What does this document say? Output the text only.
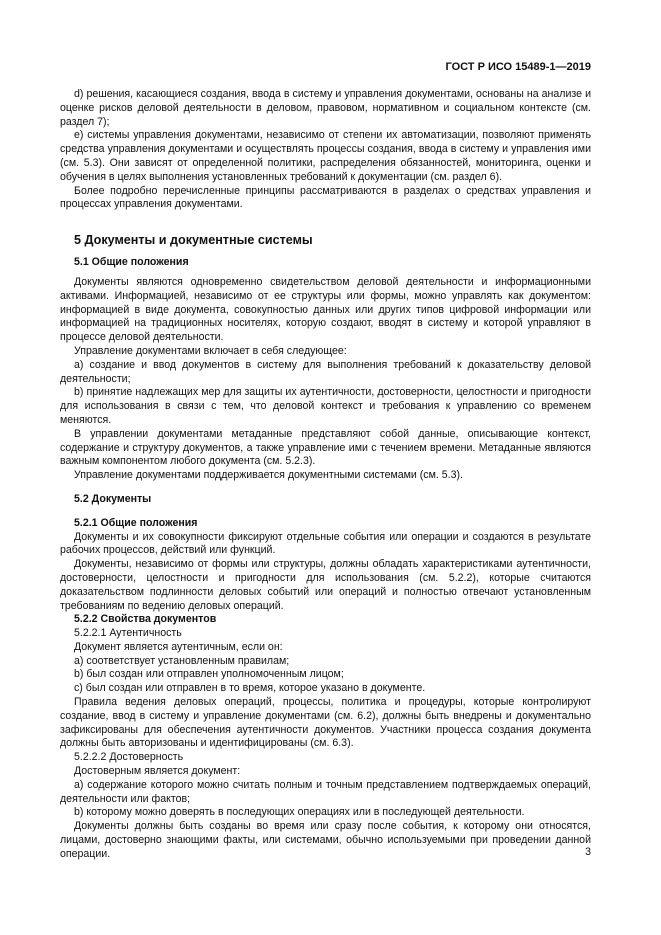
ГОСТ Р ИСО 15489-1—2019

d) решения, касающиеся создания, ввода в систему и управления документами, основаны на анализе и оценке рисков деловой деятельности в деловом, правовом, нормативном и социальном контексте (см. раздел 7);

е) системы управления документами, независимо от степени их автоматизации, позволяют применять средства управления документами и осуществлять процессы создания, ввода в систему и управления ими (см. 5.3). Они зависят от определенной политики, распределения обязанностей, мониторинга, оценки и обучения в целях выполнения установленных требований к документации (см. раздел 6).

Более подробно перечисленные принципы рассматриваются в разделах о средствах управления и процессах управления документами.

5 Документы и документные системы
5.1 Общие положения

Документы являются одновременно свидетельством деловой деятельности и информационными активами. Информацией, независимо от ее структуры или формы, можно управлять как документом: информацией в виде документа, совокупностью данных или других типов цифровой информации или информацией на традиционных носителях, которую создают, вводят в систему и которой управляют в процессе деловой деятельности.

Управление документами включает в себя следующее:

а) создание и ввод документов в систему для выполнения требований к доказательству деловой деятельности;

b) принятие надлежащих мер для защиты их аутентичности, достоверности, целостности и пригодности для использования в связи с тем, что деловой контекст и требования к управлению со временем меняются.

В управлении документами метаданные представляют собой данные, описывающие контекст, содержание и структуру документов, а также управление ими с течением времени. Метаданные являются важным компонентом любого документа (см. 5.2.3).

Управление документами поддерживается документными системами (см. 5.3).

5.2 Документы
5.2.1 Общие положения

Документы и их совокупности фиксируют отдельные события или операции и создаются в результате рабочих процессов, действий или функций.

Документы, независимо от формы или структуры, должны обладать характеристиками аутентичности, достоверности, целостности и пригодности для использования (см. 5.2.2), которые считаются доказательством подлинности деловых событий или операций и полностью отвечают установленным требованиям по ведению деловых операций.

5.2.2 Свойства документов

5.2.2.1 Аутентичность

Документ является аутентичным, если он:

а) соответствует установленным правилам;

b) был создан или отправлен уполномоченным лицом;

с) был создан или отправлен в то время, которое указано в документе.

Правила ведения деловых операций, процессы, политика и процедуры, которые контролируют создание, ввод в систему и управление документами (см. 6.2), должны быть внедрены и документально зафиксированы для обеспечения аутентичности документов. Участники процесса создания документа должны быть авторизованы и идентифицированы (см. 6.3).

5.2.2.2 Достоверность

Достоверным является документ:

а) содержание которого можно считать полным и точным представлением подтверждаемых операций, деятельности или фактов;

b) которому можно доверять в последующих операциях или в последующей деятельности.

Документы должны быть созданы во время или сразу после события, к которому они относятся, лицами, достоверно знающими факты, или системами, обычно используемыми при проведении данной операции.	3
